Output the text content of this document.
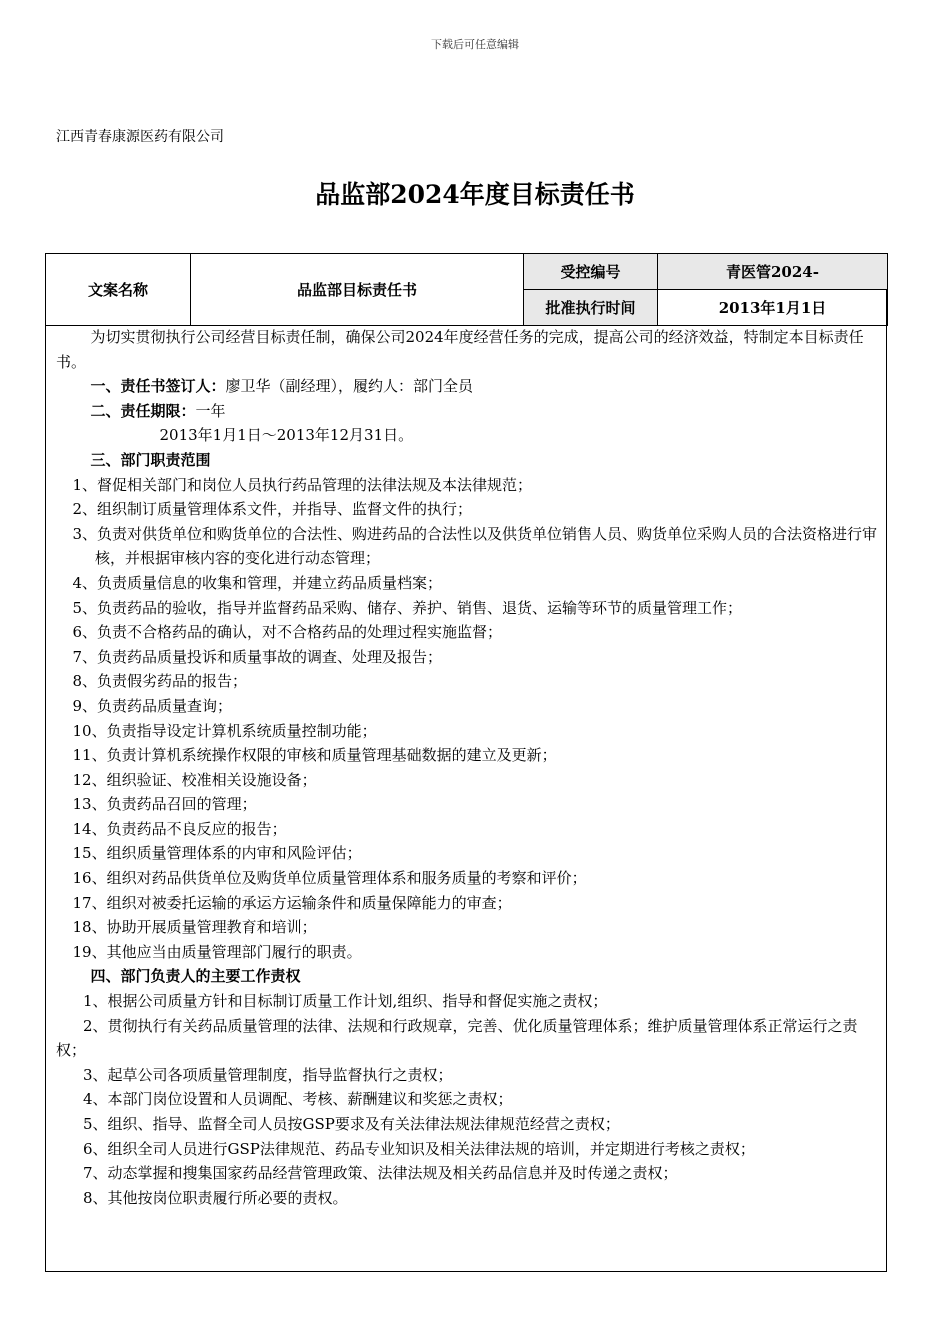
下载后可任意编辑
江西青春康源医药有限公司
品监部2024年度目标责任书
文案名称	品监部目标责任书	受控编号	青医管2024-
		批准执行时间	2013年1月1日

为切实贯彻执行公司经营目标责任制，确保公司2024年度经营任务的完成，提高公司的经济效益，特制定本目标责任书。

一、责任书签订人：廖卫华（副经理），履约人：部门全员

二、责任期限：一年

2013年1月1日～2013年12月31日。

三、部门职责范围

1、督促相关部门和岗位人员执行药品管理的法律法规及本法律规范；

2、组织制订质量管理体系文件，并指导、监督文件的执行；

3、负责对供货单位和购货单位的合法性、购进药品的合法性以及供货单位销售人员、购货单位采购人员的合法资格进行审核，并根据审核内容的变化进行动态管理；

4、负责质量信息的收集和管理，并建立药品质量档案；

5、负责药品的验收，指导并监督药品采购、储存、养护、销售、退货、运输等环节的质量管理工作；

6、负责不合格药品的确认，对不合格药品的处理过程实施监督；

7、负责药品质量投诉和质量事故的调查、处理及报告；

8、负责假劣药品的报告；

9、负责药品质量查询；

10、负责指导设定计算机系统质量控制功能；

11、负责计算机系统操作权限的审核和质量管理基础数据的建立及更新；

12、组织验证、校准相关设施设备；

13、负责药品召回的管理；

14、负责药品不良反应的报告；

15、组织质量管理体系的内审和风险评估；

16、组织对药品供货单位及购货单位质量管理体系和服务质量的考察和评价；

17、组织对被委托运输的承运方运输条件和质量保障能力的审查；

18、协助开展质量管理教育和培训；

19、其他应当由质量管理部门履行的职责。

四、部门负责人的主要工作责权

1、根据公司质量方针和目标制订质量工作计划,组织、指导和督促实施之责权；

2、贯彻执行有关药品质量管理的法律、法规和行政规章，完善、优化质量管理体系；维护质量管理体系正常运行之责权；

3、起草公司各项质量管理制度，指导监督执行之责权；

4、本部门岗位设置和人员调配、考核、薪酬建议和奖惩之责权；

5、组织、指导、监督全司人员按GSP要求及有关法律法规法律规范经营之责权；

6、组织全司人员进行GSP法律规范、药品专业知识及相关法律法规的培训，并定期进行考核之责权；

7、动态掌握和搜集国家药品经营管理政策、法律法规及相关药品信息并及时传递之责权；

8、其他按岗位职责履行所必要的责权。
